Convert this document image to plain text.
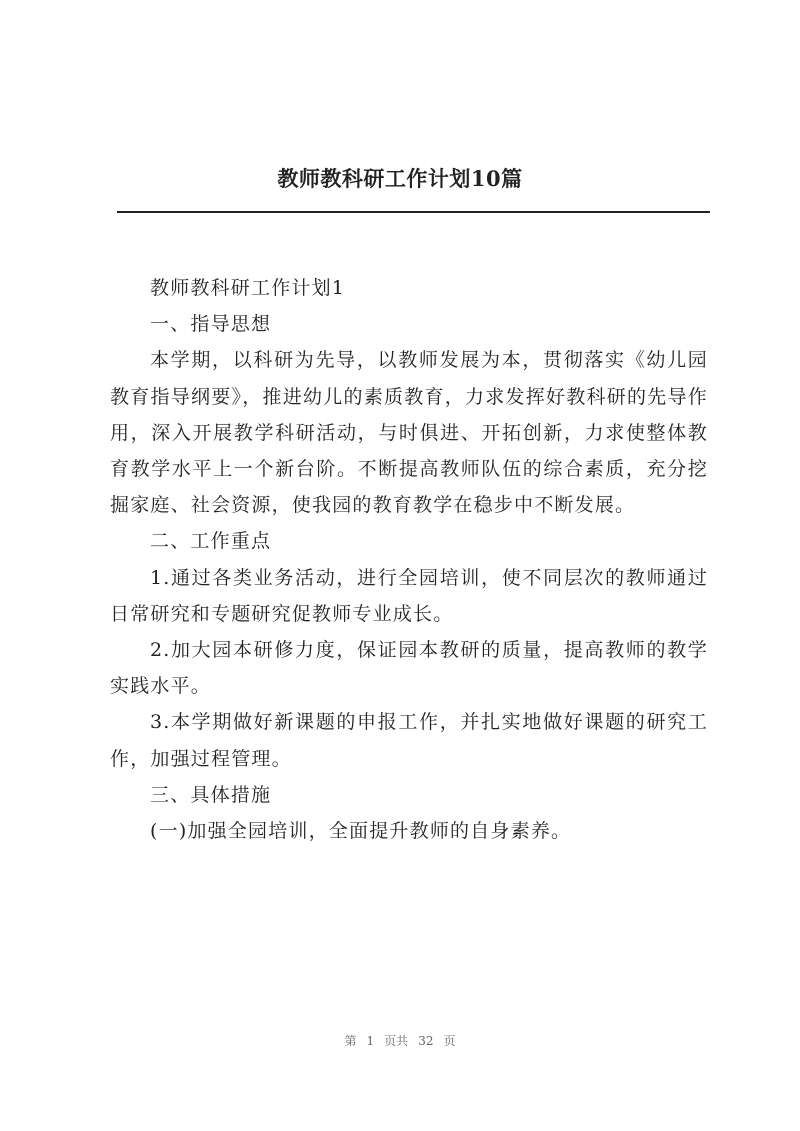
教师教科研工作计划10篇

教师教科研工作计划1

一、指导思想

本学期，以科研为先导，以教师发展为本，贯彻落实《幼儿园教育指导纲要》，推进幼儿的素质教育，力求发挥好教科研的先导作用，深入开展教学科研活动，与时俱进、开拓创新，力求使整体教育教学水平上一个新台阶。不断提高教师队伍的综合素质，充分挖掘家庭、社会资源，使我园的教育教学在稳步中不断发展。

二、工作重点

1.通过各类业务活动，进行全园培训，使不同层次的教师通过日常研究和专题研究促教师专业成长。

2.加大园本研修力度，保证园本教研的质量，提高教师的教学实践水平。

3.本学期做好新课题的申报工作，并扎实地做好课题的研究工作，加强过程管理。

三、具体措施

(一)加强全园培训，全面提升教师的自身素养。

第 1 页共 32 页
